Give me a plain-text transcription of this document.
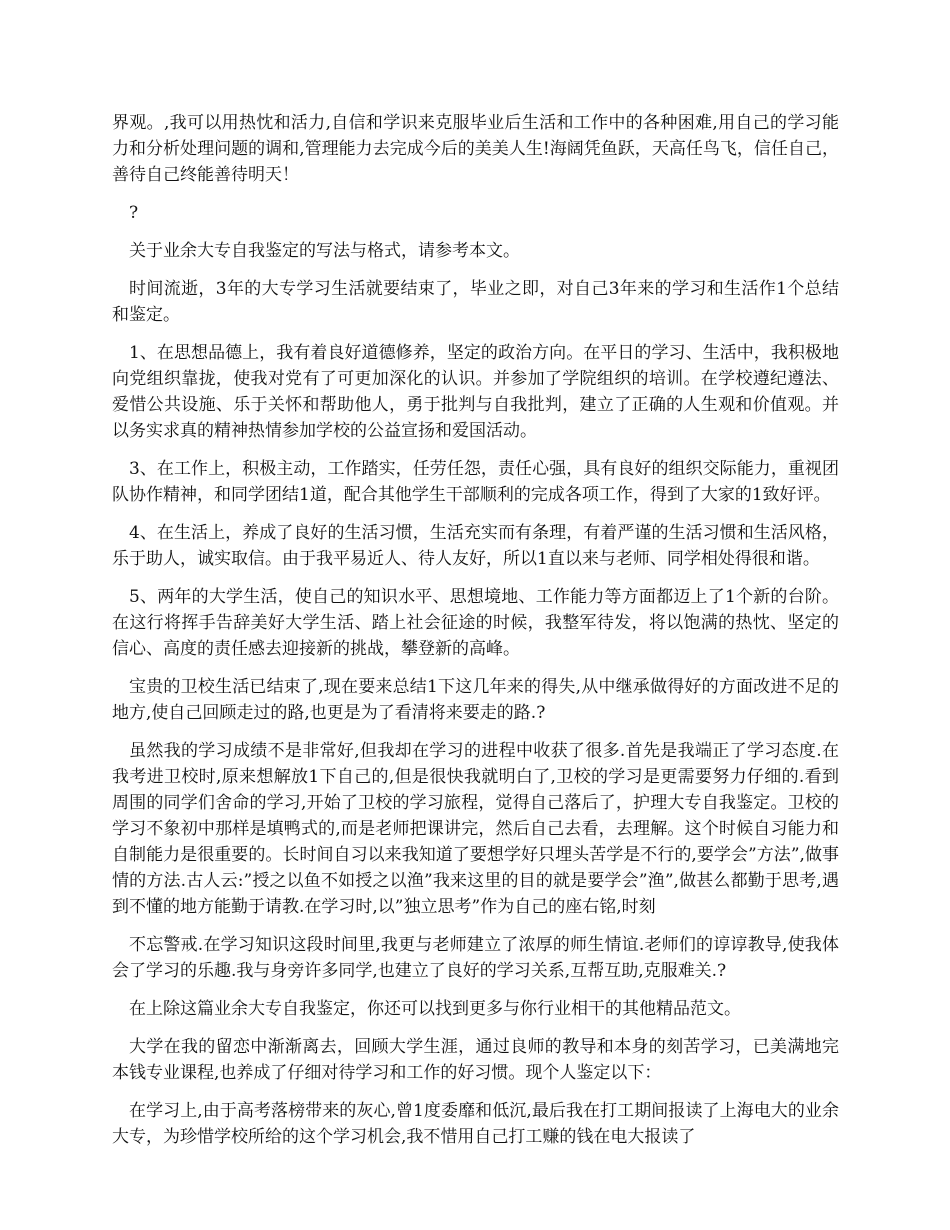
界观。,我可以用热忱和活力,自信和学识来克服毕业后生活和工作中的各种困难,用自己的学习能力和分析处理问题的调和,管理能力去完成今后的美美人生!海阔凭鱼跃，天高任鸟飞，信任自己，善待自己终能善待明天！

?

关于业余大专自我鉴定的写法与格式，请参考本文。

时间流逝，3年的大专学习生活就要结束了，毕业之即，对自己3年来的学习和生活作1个总结和鉴定。

1、在思想品德上，我有着良好道德修养，坚定的政治方向。在平日的学习、生活中，我积极地向党组织靠拢，使我对党有了可更加深化的认识。并参加了学院组织的培训。在学校遵纪遵法、爱惜公共设施、乐于关怀和帮助他人，勇于批判与自我批判，建立了正确的人生观和价值观。并以务实求真的精神热情参加学校的公益宣扬和爱国活动。

3、在工作上，积极主动，工作踏实，任劳任怨，责任心强，具有良好的组织交际能力，重视团队协作精神，和同学团结1道，配合其他学生干部顺利的完成各项工作，得到了大家的1致好评。

4、在生活上，养成了良好的生活习惯，生活充实而有条理，有着严谨的生活习惯和生活风格，乐于助人，诚实取信。由于我平易近人、待人友好，所以1直以来与老师、同学相处得很和谐。

5、两年的大学生活，使自己的知识水平、思想境地、工作能力等方面都迈上了1个新的台阶。在这行将挥手告辞美好大学生活、踏上社会征途的时候，我整军待发，将以饱满的热忱、坚定的信心、高度的责任感去迎接新的挑战，攀登新的高峰。

宝贵的卫校生活已结束了,现在要来总结1下这几年来的得失,从中继承做得好的方面改进不足的地方,使自己回顾走过的路,也更是为了看清将来要走的路.?

虽然我的学习成绩不是非常好,但我却在学习的进程中收获了很多.首先是我端正了学习态度.在我考进卫校时,原来想解放1下自己的,但是很快我就明白了,卫校的学习是更需要努力仔细的.看到周围的同学们舍命的学习,开始了卫校的学习旅程，觉得自己落后了，护理大专自我鉴定。卫校的学习不象初中那样是填鸭式的,而是老师把课讲完，然后自己去看，去理解。这个时候自习能力和自制能力是很重要的。长时间自习以来我知道了要想学好只埋头苦学是不行的,要学会”方法”,做事情的方法.古人云:”授之以鱼不如授之以渔”我来这里的目的就是要学会”渔”,做甚么都勤于思考,遇到不懂的地方能勤于请教.在学习时,以”独立思考”作为自己的座右铭,时刻

不忘警戒.在学习知识这段时间里,我更与老师建立了浓厚的师生情谊.老师们的谆谆教导,使我体会了学习的乐趣.我与身旁许多同学,也建立了良好的学习关系,互帮互助,克服难关.?

在上除这篇业余大专自我鉴定，你还可以找到更多与你行业相干的其他精品范文。

大学在我的留恋中渐渐离去，回顾大学生涯，通过良师的教导和本身的刻苦学习，已美满地完本钱专业课程,也养成了仔细对待学习和工作的好习惯。现个人鉴定以下：

在学习上,由于高考落榜带来的灰心,曾1度委靡和低沉,最后我在打工期间报读了上海电大的业余大专，为珍惜学校所给的这个学习机会,我不惜用自己打工赚的钱在电大报读了
